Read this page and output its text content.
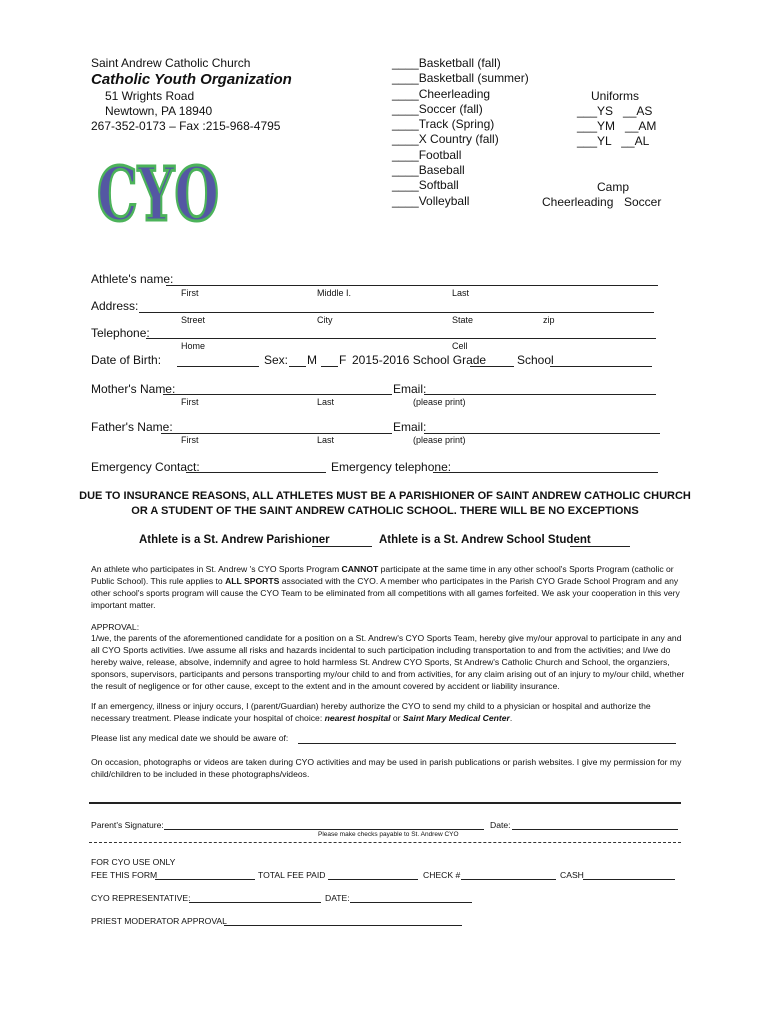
Saint Andrew Catholic Church
Catholic Youth Organization
51 Wrights Road
Newtown, PA 18940
267-352-0173 – Fax :215-968-4795
CYO
____Basketball (fall)
____Basketball (summer)
____Cheerleading
____Soccer (fall)
____Track (Spring)
____X Country (fall)
____Football
____Baseball
____Softball
____Volleyball
Uniforms
___YS   __AS
___YM   __AM
___YL   __AL
Camp
Cheerleading Soccer
Athlete's name:
First	Middle I.	Last
Address:
Street	City	State	zip
Telephone:
Home	Cell
Date of Birth:	Sex: M F 2015-2016 School Grade	School
Mother's Name:	Email:
First	Last	(please print)
Father's Name:	Email:
First	Last	(please print)
Emergency Contact:	Emergency telephone:
DUE TO INSURANCE REASONS, ALL ATHLETES MUST BE A PARISHIONER OF SAINT ANDREW CATHOLIC CHURCH
OR A STUDENT OF THE SAINT ANDREW CATHOLIC SCHOOL. THERE WILL BE NO EXCEPTIONS
Athlete is a St. Andrew Parishioner	Athlete is a St. Andrew School Student
An athlete who participates in St. Andrew 's CYO Sports Program CANNOT participate at the same time in any other school's Sports Program (catholic or Public School). This rule applies to ALL SPORTS associated with the CYO. A member who participates in the Parish CYO Grade School Program and any other school's sports program will cause the CYO Team to be eliminated from all competitions with all games forfeited. We ask your cooperation in this very important matter.
APPROVAL:
1/we, the parents of the aforementioned candidate for a position on a St. Andrew's CYO Sports Team, hereby give my/our approval to participate in any and all CYO Sports activities. I/we assume all risks and hazards incidental to such participation including transportation to and from the activities; and I/we do hereby waive, release, absolve, indemnify and agree to hold harmless St. Andrew CYO Sports, St Andrew's Catholic Church and School, the organziers, sponsors, supervisors, participants and persons transporting my/our child to and from activities, for any claim arising out of an injury to my/our child, whether the result of negligence or for other cause, except to the extent and in the amount covered by accident or liability insurance.
If an emergency, illness or injury occurs, I (parent/Guardian) hereby authorize the CYO to send my child to a physician or hospital and authorize the necessary treatment. Please indicate your hospital of choice: nearest hospital or Saint Mary Medical Center.
Please list any medical date we should be aware of:
On occasion, photographs or videos are taken during CYO activities and may be used in parish publications or parish websites. I give my permission for my child/children to be included in these photographs/videos.
Parent's Signature:	Date:
Please make checks payable to St. Andrew CYO
FOR CYO USE ONLY
FEE THIS FORM	TOTAL FEE PAID	CHECK #	CASH
CYO REPRESENTATIVE:	DATE:
PRIEST MODERATOR APPROVAL
